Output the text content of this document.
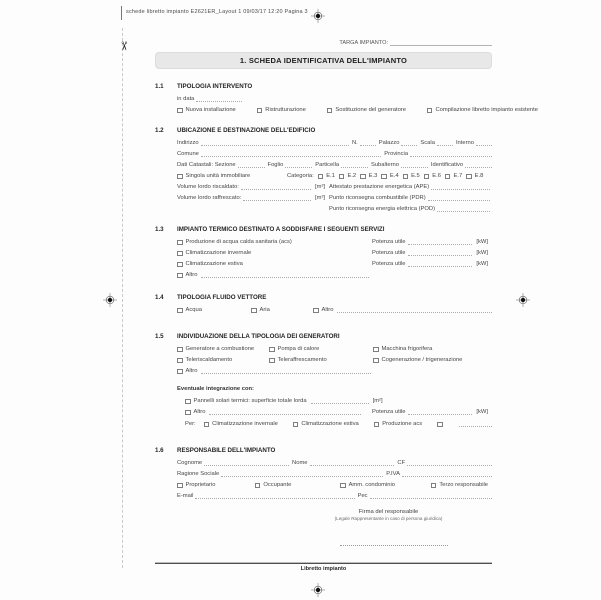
schede libretto impianto E2621ER_Layout 1 09/03/17 12:20 Pagina 3
✂	TARGA IMPIANTO:
1. SCHEDA IDENTIFICATIVA DELL'IMPIANTO
1.1	TIPOLOGIA INTERVENTO
in data
Nuova installazione	Ristrutturazione	Sostituzione del generatore	Compilazione libretto impianto esistente
1.2	UBICAZIONE E DESTINAZIONE DELL'EDIFICIO
Indirizzo	N.	Palazzo	Scala	Interno
Comune	Provincia
Dati Catastali: Sezione	Foglio	Particella	Subalterno	Identificativo
Singola unità immobiliare	Categoria: E.1 E.2 E.3 E.4 E.5 E.6 E.7 E.8
Volume lordo riscaldato:	[m³] Attestato prestazione energetica (APE)
Volume lordo raffrescato:	[m³] Punto riconsegna combustibile (PDR)
Punto riconsegna energia elettrica (POD)
1.3	IMPIANTO TERMICO DESTINATO A SODDISFARE I SEGUENTI SERVIZI
Produzione di acqua calda sanitaria (acs)	Potenza utile	[kW]
Climatizzazione invernale	Potenza utile	[kW]
Climatizzazione estiva	Potenza utile	[kW]
Altro
1.4	TIPOLOGIA FLUIDO VETTORE
Acqua	Aria	Altro
1.5	INDIVIDUAZIONE DELLA TIPOLOGIA DEI GENERATORI
Generatore a combustione	Pompa di calore	Macchina frigorifera
Teleriscaldamento	Teleraffrescamento	Cogenerazione / trigenerazione
Altro
Eventuale integrazione con:
Pannelli solari termici: superficie totale lorda	[m²]
Altro	Potenza utile	[kW]
Per:	Climatizzazione invernale	Climatizzazione estiva	Produzione acs
1.6	RESPONSABILE DELL'IMPIANTO
Cognome	Nome	CF
Ragione Sociale	P.IVA
Proprietario	Occupante	Amm. condominio	Terzo responsabile
E-mail	Pec
Firma del responsabile
(Legale Rappresentante in caso di persona giuridica)
Libretto impianto
